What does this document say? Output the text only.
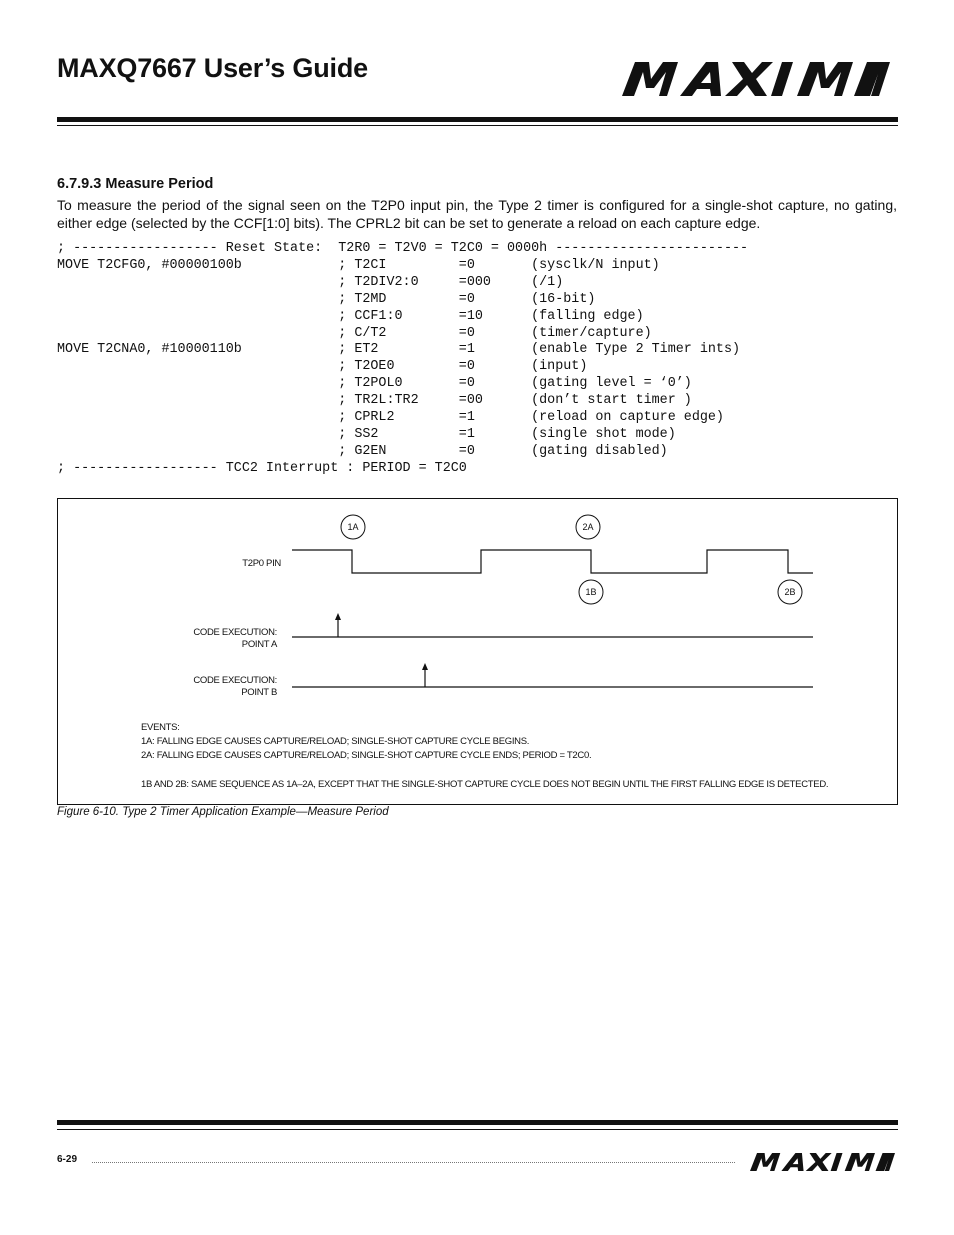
MAXQ7667 User’s Guide
6.7.9.3 Measure Period

To measure the period of the signal seen on the T2P0 input pin, the Type 2 timer is configured for a single-shot capture, no gating, either edge (selected by the CCF[1:0] bits). The CPRL2 bit can be set to generate a reload on each capture edge.

; ------------------ Reset State:  T2R0 = T2V0 = T2C0 = 0000h ------------------------
MOVE T2CFG0, #00000100b            ; T2CI         =0       (sysclk/N input)
; T2DIV2:0     =000     (/1)
; T2MD         =0       (16-bit)
; CCF1:0       =10      (falling edge)
; C/T2         =0       (timer/capture)
MOVE T2CNA0, #10000110b            ; ET2          =1       (enable Type 2 Timer ints)
; T2OE0        =0       (input)
; T2POL0       =0       (gating level = ‘0’)
; TR2L:TR2     =00      (don’t start timer )
; CPRL2        =1       (reload on capture edge)
; SS2          =1       (single shot mode)
; G2EN         =0       (gating disabled)
; ------------------ TCC2 Interrupt : PERIOD = T2C0
1A	2A
1B	2B
T2P0 PIN
CODE EXECUTION:
POINT A
CODE EXECUTION:
POINT B
EVENTS:
1A: FALLING EDGE CAUSES CAPTURE/RELOAD; SINGLE-SHOT CAPTURE CYCLE BEGINS.
2A: FALLING EDGE CAUSES CAPTURE/RELOAD; SINGLE-SHOT CAPTURE CYCLE ENDS; PERIOD = T2C0.
1B AND 2B: SAME SEQUENCE AS 1A–2A, EXCEPT THAT THE SINGLE-SHOT CAPTURE CYCLE DOES NOT BEGIN UNTIL THE FIRST FALLING EDGE IS DETECTED.

Figure 6-10. Type 2 Timer Application Example—Measure Period

6-29
